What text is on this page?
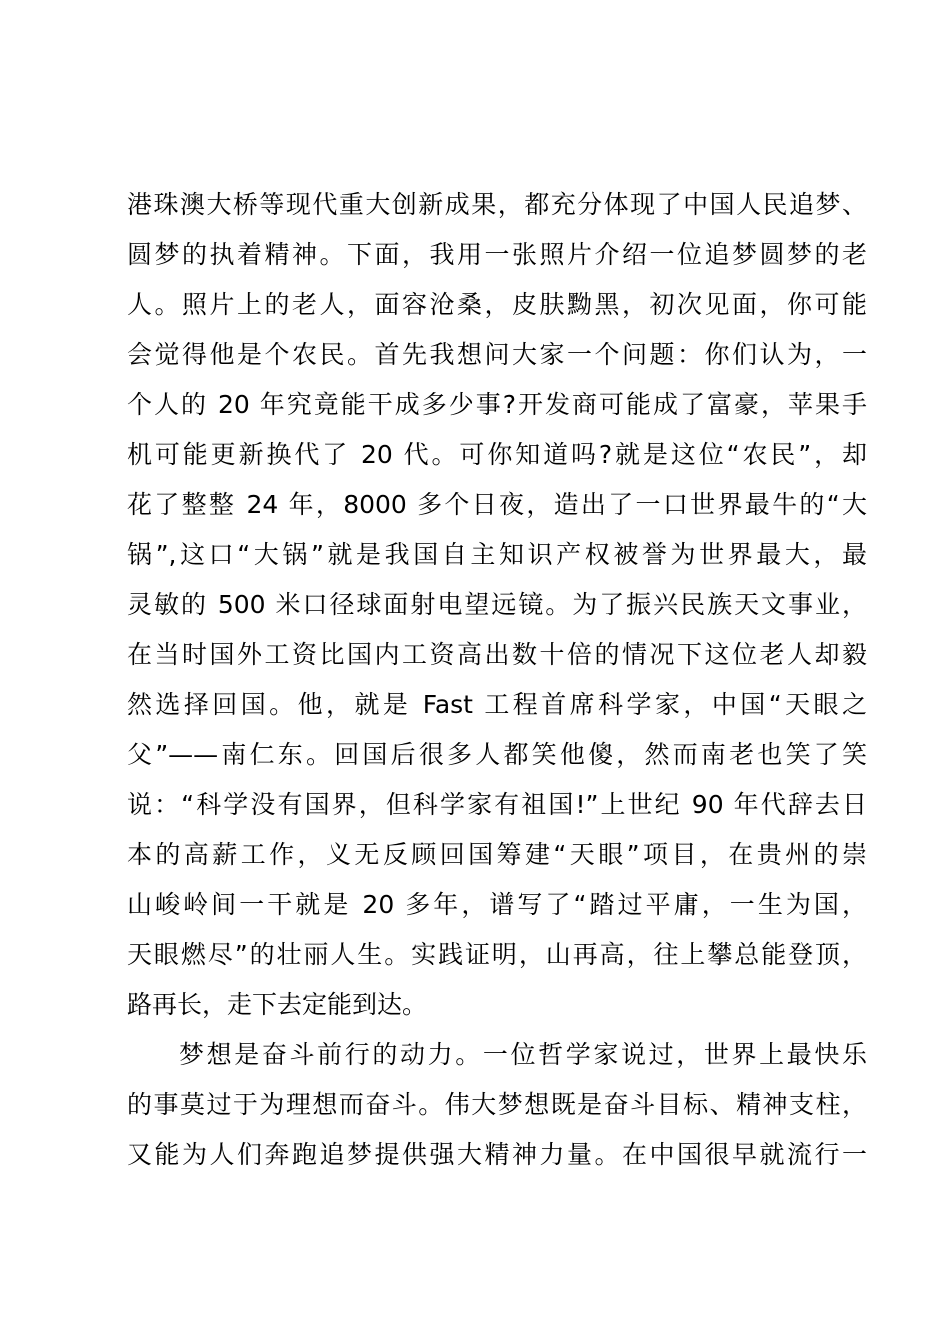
港珠澳大桥等现代重大创新成果，都充分体现了中国人民追梦、
圆梦的执着精神。下面，我用一张照片介绍一位追梦圆梦的老
人。照片上的老人，面容沧桑，皮肤黝黑，初次见面，你可能
会觉得他是个农民。首先我想问大家一个问题：你们认为，一
个人的 20 年究竟能干成多少事?开发商可能成了富豪，苹果手
机可能更新换代了 20 代。可你知道吗?就是这位“农民”，却
花了整整 24 年，8000 多个日夜，造出了一口世界最牛的“大
锅”,这口“大锅”就是我国自主知识产权被誉为世界最大，最
灵敏的 500 米口径球面射电望远镜。为了振兴民族天文事业，
在当时国外工资比国内工资高出数十倍的情况下这位老人却毅
然选择回国。他，就是 Fast 工程首席科学家，中国“天眼之
父”——南仁东。回国后很多人都笑他傻，然而南老也笑了笑
说：“科学没有国界，但科学家有祖国!”上世纪 90 年代辞去日
本的高薪工作，义无反顾回国筹建“天眼”项目，在贵州的崇
山峻岭间一干就是 20 多年，谱写了“踏过平庸，一生为国，
天眼燃尽”的壮丽人生。实践证明，山再高，往上攀总能登顶，
路再长，走下去定能到达。
梦想是奋斗前行的动力。一位哲学家说过，世界上最快乐
的事莫过于为理想而奋斗。伟大梦想既是奋斗目标、精神支柱，
又能为人们奔跑追梦提供强大精神力量。在中国很早就流行一
